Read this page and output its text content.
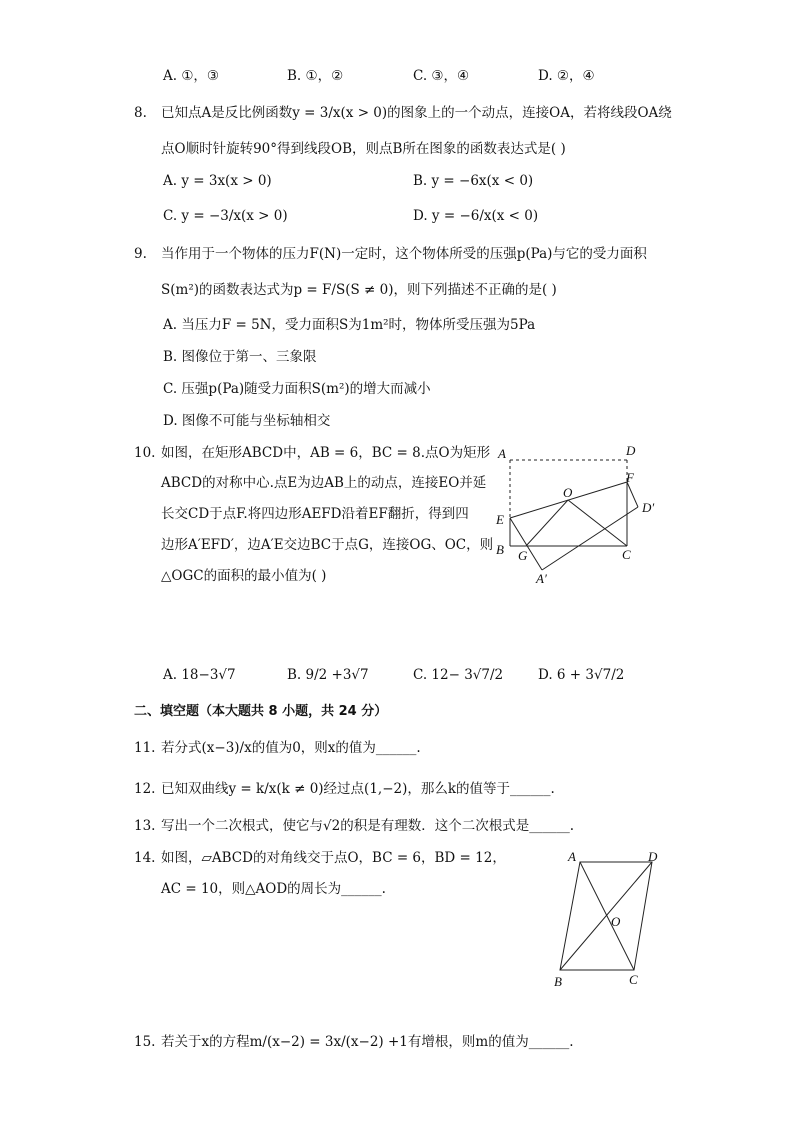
A. ①，③	B. ①，②	C. ③，④	D. ②，④
8. 已知点A是反比例函数y = 3/x(x > 0)的图象上的一个动点，连接OA，若将线段OA绕
点O顺时针旋转90°得到线段OB，则点B所在图象的函数表达式是( )
A. y = 3x(x > 0)	B. y = −6x(x < 0)
C. y = −3/x(x > 0)	D. y = −6/x(x < 0)
9. 当作用于一个物体的压力F(N)一定时，这个物体所受的压强p(Pa)与它的受力面积
S(m²)的函数表达式为p = F/S(S ≠ 0)，则下列描述不正确的是( )
A. 当压力F = 5N，受力面积S为1m²时，物体所受压强为5Pa
B. 图像位于第一、三象限
C. 压强p(Pa)随受力面积S(m²)的增大而减小
D. 图像不可能与坐标轴相交
10. 如图，在矩形ABCD中，AB = 6，BC = 8.点O为矩形
ABCD的对称中心.点E为边AB上的动点，连接EO并延
长交CD于点F.将四边形AEFD沿着EF翻折，得到四
边形A′EFD′，边A′E交边BC于点G，连接OG、OC，则
△OGC的面积的最小值为( )
A	D
F
D′
O
E
B G	C
A′
A. 18−3√7	B. 9/2 +3√7	C. 12− 3√7/2	D. 6 + 3√7/2
二、填空题（本大题共 8 小题，共 24 分）
11. 若分式(x−3)/x的值为0，则x的值为______.
12. 已知双曲线y = k/x(k ≠ 0)经过点(1,−2)，那么k的值等于______.
13. 写出一个二次根式，使它与√2的积是有理数．这个二次根式是______.
14. 如图，▱ABCD的对角线交于点O，BC = 6，BD = 12，
AC = 10，则△AOD的周长为______.
A	D
O
B	C
15. 若关于x的方程m/(x−2) = 3x/(x−2) +1有增根，则m的值为______.
